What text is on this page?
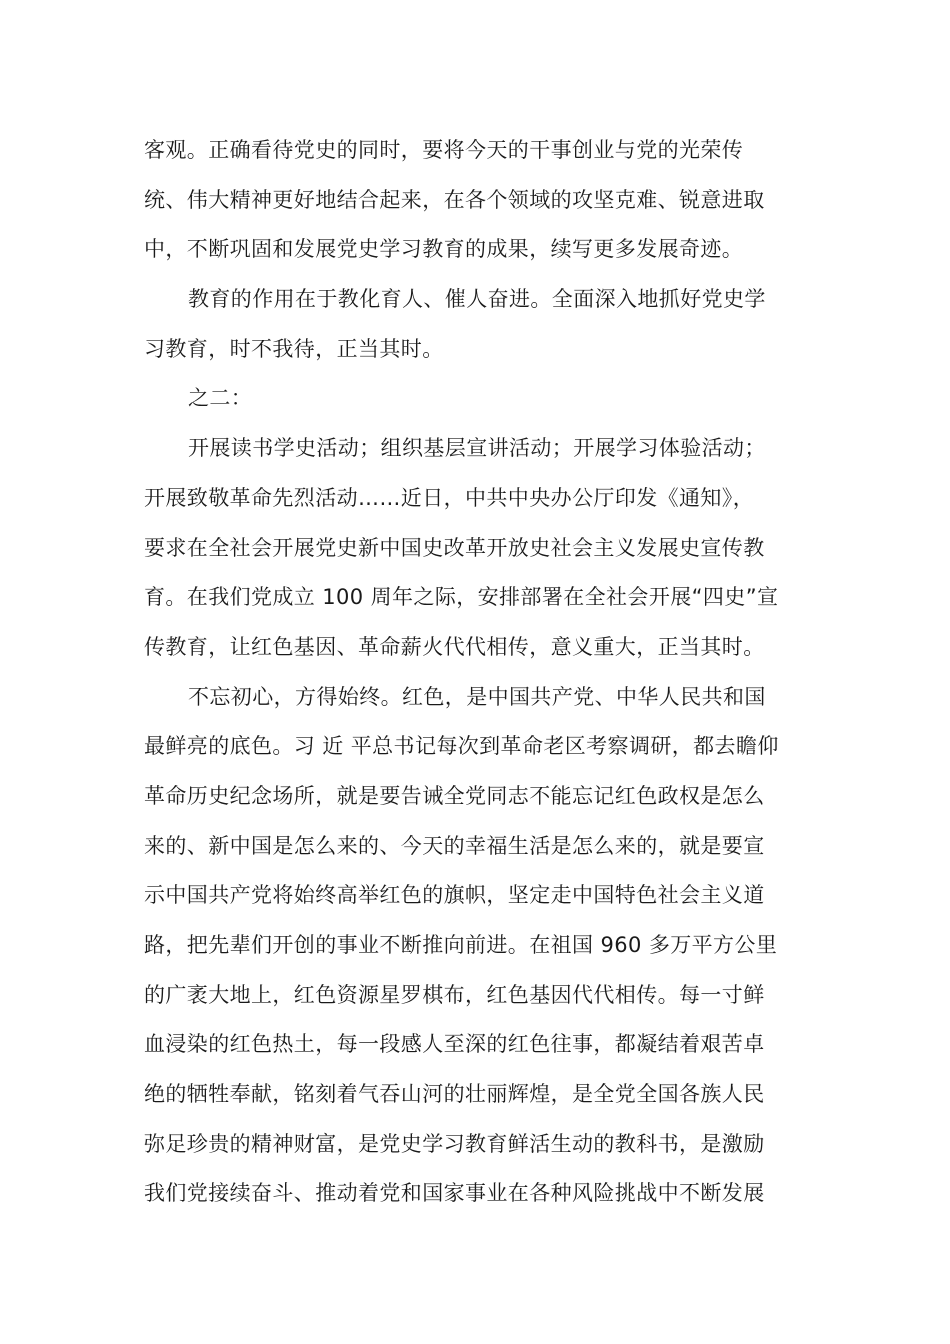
客观。正确看待党史的同时，要将今天的干事创业与党的光荣传
统、伟大精神更好地结合起来，在各个领域的攻坚克难、锐意进取
中，不断巩固和发展党史学习教育的成果，续写更多发展奇迹。
教育的作用在于教化育人、催人奋进。全面深入地抓好党史学
习教育，时不我待，正当其时。
之二：
开展读书学史活动；组织基层宣讲活动；开展学习体验活动；
开展致敬革命先烈活动……近日，中共中央办公厅印发《通知》，
要求在全社会开展党史新中国史改革开放史社会主义发展史宣传教
育。在我们党成立 100 周年之际，安排部署在全社会开展“四史”宣
传教育，让红色基因、革命薪火代代相传，意义重大，正当其时。
不忘初心，方得始终。红色，是中国共产党、中华人民共和国
最鲜亮的底色。习 近 平总书记每次到革命老区考察调研，都去瞻仰
革命历史纪念场所，就是要告诫全党同志不能忘记红色政权是怎么
来的、新中国是怎么来的、今天的幸福生活是怎么来的，就是要宣
示中国共产党将始终高举红色的旗帜，坚定走中国特色社会主义道
路，把先辈们开创的事业不断推向前进。在祖国 960 多万平方公里
的广袤大地上，红色资源星罗棋布，红色基因代代相传。每一寸鲜
血浸染的红色热土，每一段感人至深的红色往事，都凝结着艰苦卓
绝的牺牲奉献，铭刻着气吞山河的壮丽辉煌，是全党全国各族人民
弥足珍贵的精神财富，是党史学习教育鲜活生动的教科书，是激励
我们党接续奋斗、推动着党和国家事业在各种风险挑战中不断发展
